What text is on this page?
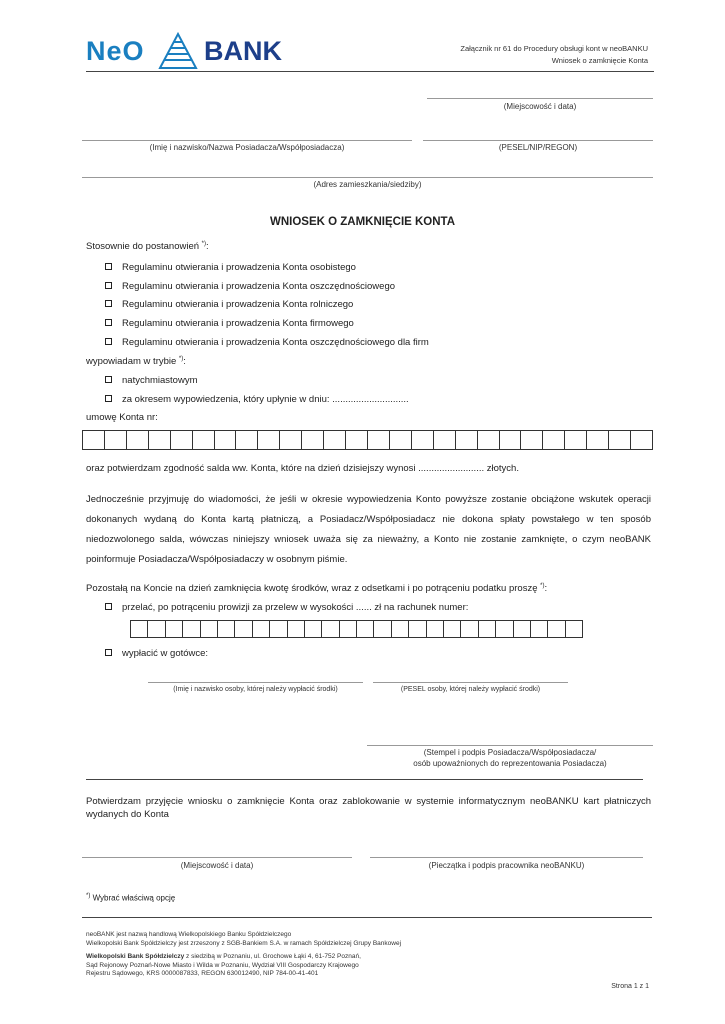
NeO BANK	Załącznik nr 61 do Procedury obsługi kont w neoBANKU
Wniosek o zamknięcie Konta
(Miejscowość i data)
(Imię i nazwisko/Nazwa Posiadacza/Współposiadacza)	(PESEL/NIP/REGON)
(Adres zamieszkania/siedziby)
WNIOSEK O ZAMKNIĘCIE KONTA
Stosownie do postanowień *):
Regulaminu otwierania i prowadzenia Konta osobistego
Regulaminu otwierania i prowadzenia Konta oszczędnościowego
Regulaminu otwierania i prowadzenia Konta rolniczego
Regulaminu otwierania i prowadzenia Konta firmowego
Regulaminu otwierania i prowadzenia Konta oszczędnościowego dla firm
wypowiadam w trybie *):
natychmiastowym
za okresem wypowiedzenia, który upłynie w dniu: .............................
umowę Konta nr:
oraz potwierdzam zgodność salda ww. Konta, które na dzień dzisiejszy wynosi ......................... złotych.
Jednocześnie przyjmuję do wiadomości, że jeśli w okresie wypowiedzenia Konto powyższe zostanie obciążone wskutek operacji dokonanych wydaną do Konta kartą płatniczą, a Posiadacz/Współposiadacz nie dokona spłaty powstałego w ten sposób niedozwolonego salda, wówczas niniejszy wniosek uważa się za nieważny, a Konto nie zostanie zamknięte, o czym neoBANK poinformuje Posiadacza/Współposiadaczy w osobnym piśmie.
Pozostałą na Koncie na dzień zamknięcia kwotę środków, wraz z odsetkami i po potrąceniu podatku proszę *):
przelać, po potrąceniu prowizji za przelew w wysokości ...... zł na rachunek numer:
wypłacić w gotówce:
(Imię i nazwisko osoby, której należy wypłacić środki)	(PESEL osoby, której należy wypłacić środki)
(Stempel i podpis Posiadacza/Współposiadacza/
osób upoważnionych do reprezentowania Posiadacza)
Potwierdzam przyjęcie wniosku o zamknięcie Konta oraz zablokowanie w systemie informatycznym neoBANKU kart płatniczych wydanych do Konta
(Miejscowość i data)	(Pieczątka i podpis pracownika neoBANKU)
*) Wybrać właściwą opcję
neoBANK jest nazwą handlową Wielkopolskiego Banku Spółdzielczego
Wielkopolski Bank Spółdzielczy jest zrzeszony z SGB-Bankiem S.A. w ramach Spółdzielczej Grupy Bankowej
Wielkopolski Bank Spółdzielczy z siedzibą w Poznaniu, ul. Grochowe Łąki 4, 61-752 Poznań,
Sąd Rejonowy Poznań-Nowe Miasto i Wilda w Poznaniu, Wydział VIII Gospodarczy Krajowego
Rejestru Sądowego, KRS 0000087833, REGON 630012490, NIP 784-00-41-401
Strona 1 z 1
